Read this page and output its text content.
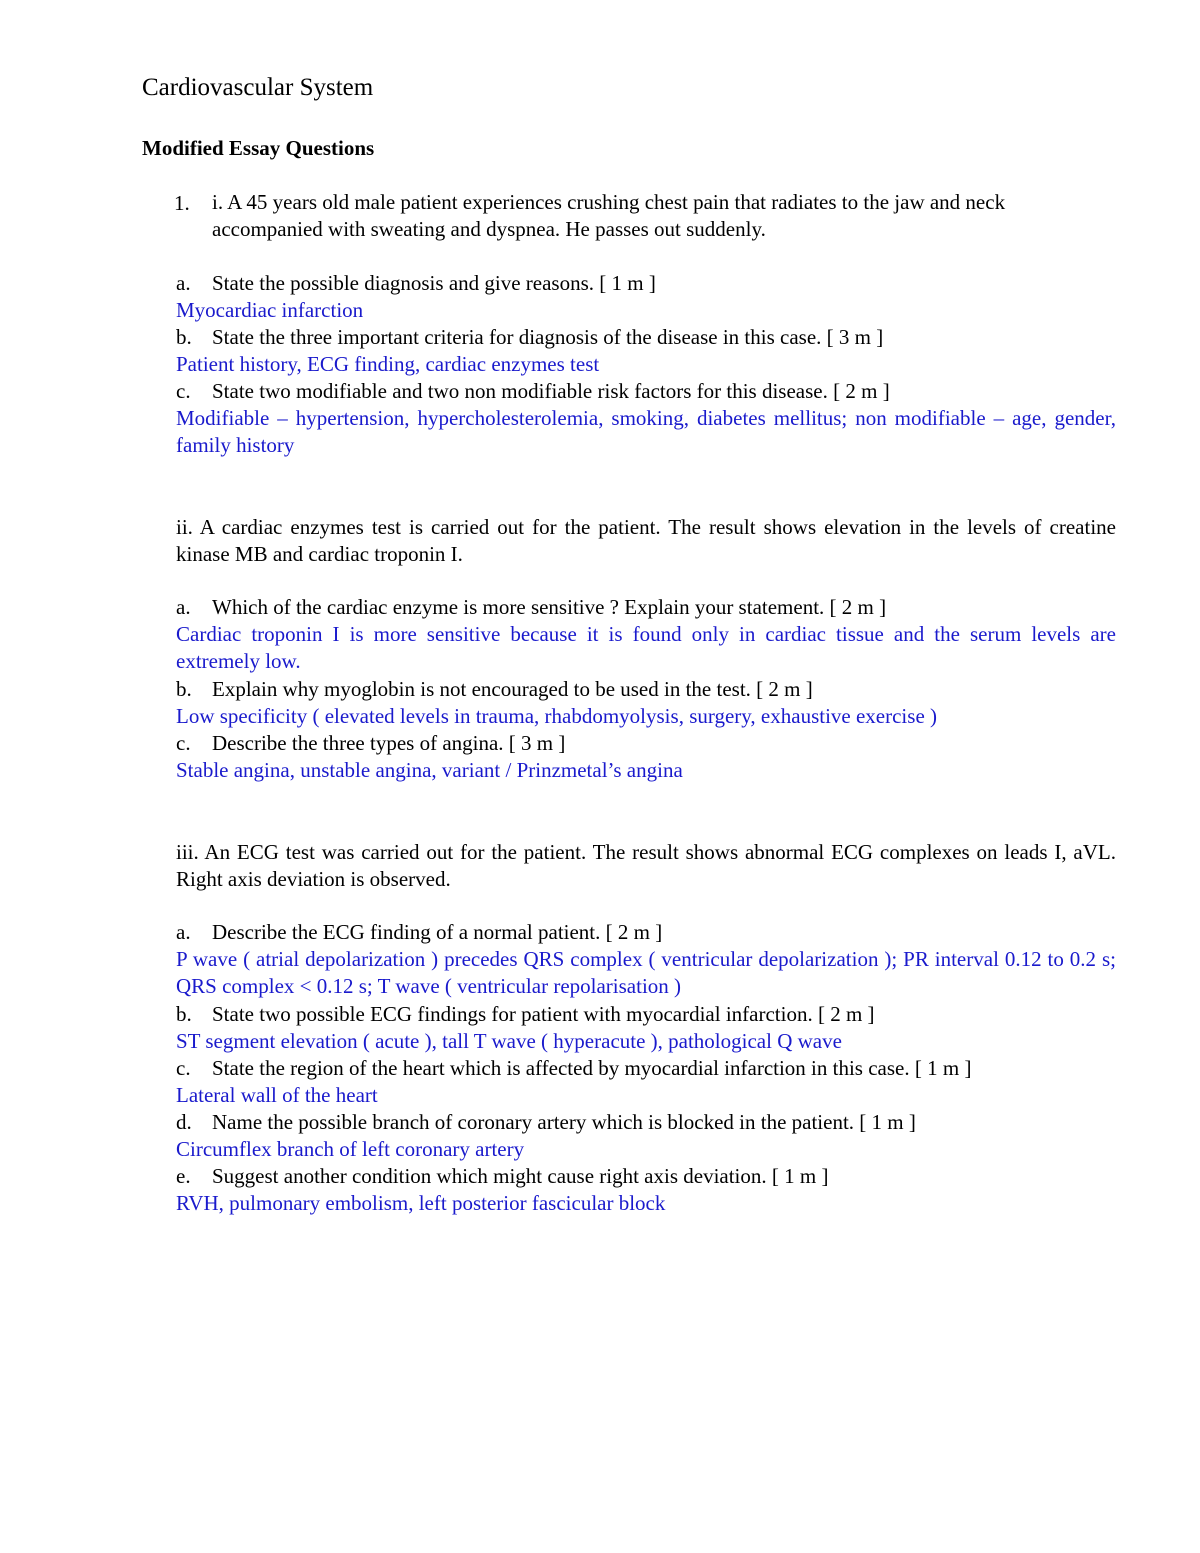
Cardiovascular System
Modified Essay Questions
1. i. A 45 years old male patient experiences crushing chest pain that radiates to the jaw and neck accompanied with sweating and dyspnea. He passes out suddenly.
a. State the possible diagnosis and give reasons. [ 1 m ]
Myocardiac infarction
b. State the three important criteria for diagnosis of the disease in this case. [ 3 m ]
Patient history, ECG finding, cardiac enzymes test
c. State two modifiable and two non modifiable risk factors for this disease. [ 2 m ]
Modifiable – hypertension, hypercholesterolemia, smoking, diabetes mellitus; non modifiable – age, gender, family history
ii. A cardiac enzymes test is carried out for the patient. The result shows elevation in the levels of creatine kinase MB and cardiac troponin I.
a. Which of the cardiac enzyme is more sensitive ? Explain your statement. [ 2 m ]
Cardiac troponin I is more sensitive because it is found only in cardiac tissue and the serum levels are extremely low.
b. Explain why myoglobin is not encouraged to be used in the test. [ 2 m ]
Low specificity ( elevated levels in trauma, rhabdomyolysis, surgery, exhaustive exercise )
c. Describe the three types of angina. [ 3 m ]
Stable angina, unstable angina, variant / Prinzmetal’s angina
iii. An ECG test was carried out for the patient. The result shows abnormal ECG complexes on leads I, aVL. Right axis deviation is observed.
a. Describe the ECG finding of a normal patient. [ 2 m ]
P wave ( atrial depolarization ) precedes QRS complex ( ventricular depolarization ); PR interval 0.12 to 0.2 s; QRS complex < 0.12 s; T wave ( ventricular repolarisation )
b. State two possible ECG findings for patient with myocardial infarction. [ 2 m ]
ST segment elevation ( acute ), tall T wave ( hyperacute ), pathological Q wave
c. State the region of the heart which is affected by myocardial infarction in this case. [ 1 m ]
Lateral wall of the heart
d. Name the possible branch of coronary artery which is blocked in the patient. [ 1 m ]
Circumflex branch of left coronary artery
e. Suggest another condition which might cause right axis deviation. [ 1 m ]
RVH, pulmonary embolism, left posterior fascicular block
